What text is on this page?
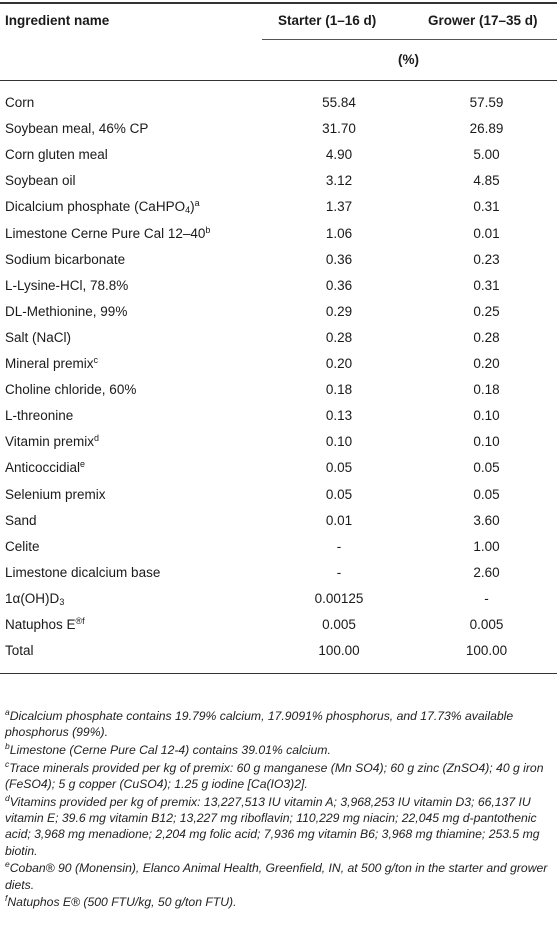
Ingredient name	Starter (1–16 d)	Grower (17–35 d)
(%)
Corn	55.84	57.59
Soybean meal, 46% CP	31.70	26.89
Corn gluten meal	4.90	5.00
Soybean oil	3.12	4.85
Dicalcium phosphate (CaHPO$_4$)$^a$	1.37	0.31
Limestone Cerne Pure Cal 12–40$^b$	1.06	0.01
Sodium bicarbonate	0.36	0.23
L-Lysine-HCl, 78.8%	0.36	0.31
DL-Methionine, 99%	0.29	0.25
Salt (NaCl)	0.28	0.28
Mineral premix$^c$	0.20	0.20
Choline chloride, 60%	0.18	0.18
L-threonine	0.13	0.10
Vitamin premix$^d$	0.10	0.10
Anticoccidial$^e$	0.05	0.05
Selenium premix	0.05	0.05
Sand	0.01	3.60
Celite	-	1.00
Limestone dicalcium base	-	2.60
$1\alpha(OH)D_3$	0.00125	-
Natuphos $E^{®f}$	0.005	0.005
Total	100.00	100.00
$^a$Dicalcium phosphate contains 19.79% calcium, 17.9091% phosphorus, and 17.73% available phosphorus (99%).
$^b$Limestone (Cerne Pure Cal 12-4) contains 39.01% calcium.
$^c$Trace minerals provided per kg of premix: 60 g manganese (Mn SO4); 60 g zinc (ZnSO4); 40 g iron (FeSO4); 5 g copper (CuSO4); 1.25 g iodine [Ca(IO3)2].
$^d$Vitamins provided per kg of premix: 13,227,513 IU vitamin A; 3,968,253 IU vitamin D3; 66,137 IU vitamin E; 39.6 mg vitamin B12; 13,227 mg riboflavin; 110,229 mg niacin; 22,045 mg d-pantothenic acid; 3,968 mg menadione; 2,204 mg folic acid; 7,936 mg vitamin B6; 3,968 mg thiamine; 253.5 mg biotin.
$^e$Coban® 90 (Monensin), Elanco Animal Health, Greenfield, IN, at 500 g/ton in the starter and grower diets.
$^f$Natuphos E® (500 FTU/kg, 50 g/ton FTU).
